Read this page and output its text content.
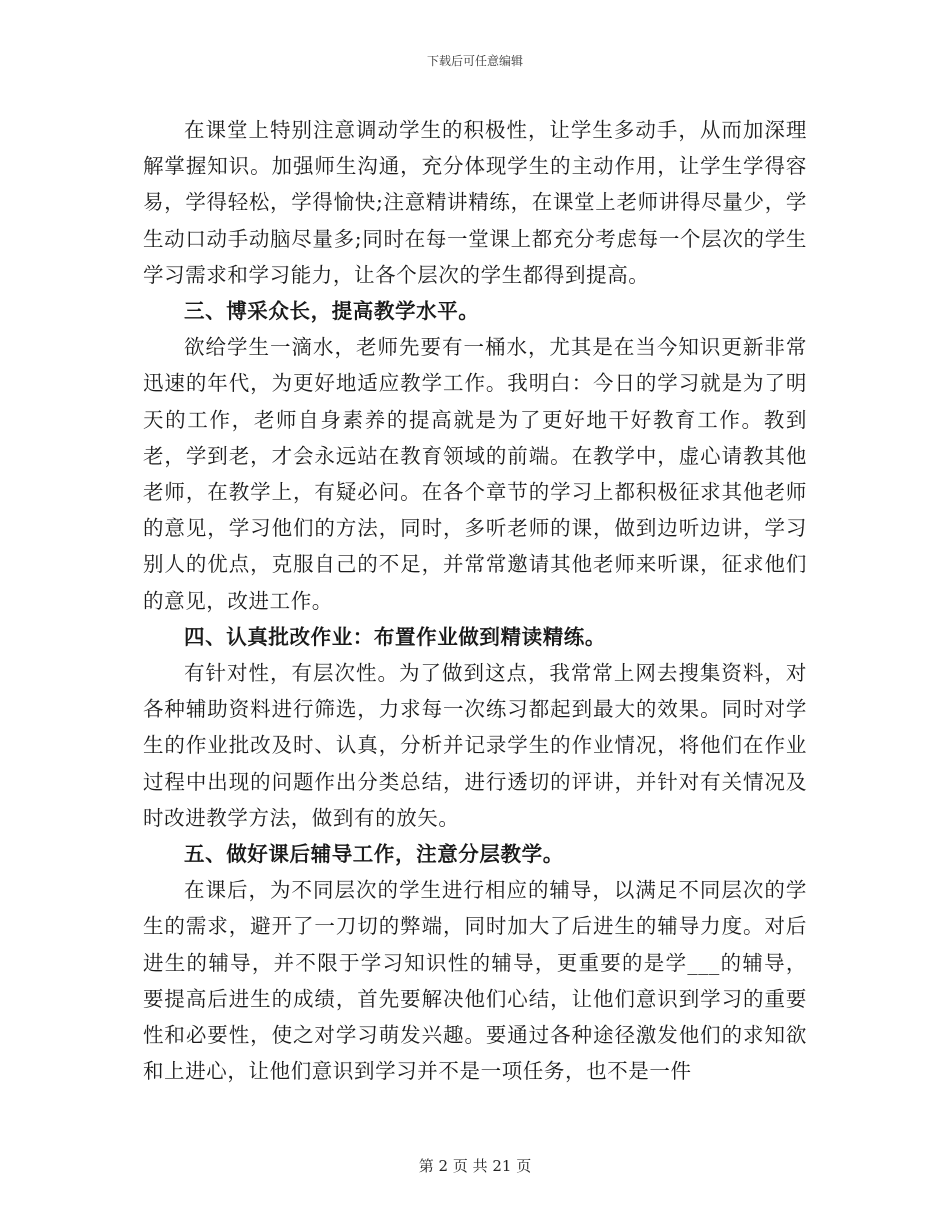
下载后可任意编辑

在课堂上特别注意调动学生的积极性，让学生多动手，从而加深理解掌握知识。加强师生沟通，充分体现学生的主动作用，让学生学得容易，学得轻松，学得愉快;注意精讲精练，在课堂上老师讲得尽量少，学生动口动手动脑尽量多;同时在每一堂课上都充分考虑每一个层次的学生学习需求和学习能力，让各个层次的学生都得到提高。

三、博采众长，提高教学水平。

欲给学生一滴水，老师先要有一桶水，尤其是在当今知识更新非常迅速的年代，为更好地适应教学工作。我明白：今日的学习就是为了明天的工作，老师自身素养的提高就是为了更好地干好教育工作。教到老，学到老，才会永远站在教育领域的前端。在教学中，虚心请教其他老师，在教学上，有疑必问。在各个章节的学习上都积极征求其他老师的意见，学习他们的方法，同时，多听老师的课，做到边听边讲，学习别人的优点，克服自己的不足，并常常邀请其他老师来听课，征求他们的意见，改进工作。

四、认真批改作业：布置作业做到精读精练。

有针对性，有层次性。为了做到这点，我常常上网去搜集资料，对各种辅助资料进行筛选，力求每一次练习都起到最大的效果。同时对学生的作业批改及时、认真，分析并记录学生的作业情况，将他们在作业过程中出现的问题作出分类总结，进行透切的评讲，并针对有关情况及时改进教学方法，做到有的放矢。

五、做好课后辅导工作，注意分层教学。

在课后，为不同层次的学生进行相应的辅导，以满足不同层次的学生的需求，避开了一刀切的弊端，同时加大了后进生的辅导力度。对后进生的辅导，并不限于学习知识性的辅导，更重要的是学___的辅导，要提高后进生的成绩，首先要解决他们心结，让他们意识到学习的重要性和必要性，使之对学习萌发兴趣。要通过各种途径激发他们的求知欲和上进心，让他们意识到学习并不是一项任务，也不是一件

第 2 页 共 21 页
